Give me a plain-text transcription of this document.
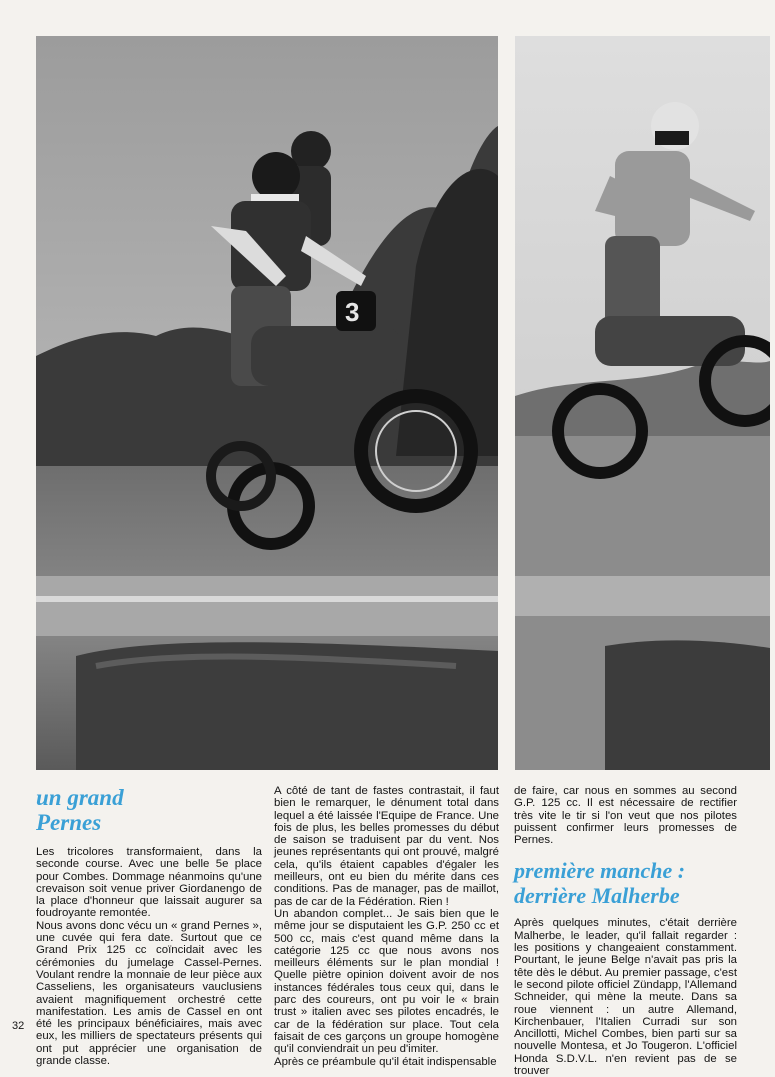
3
un grand
Pernes

Les tricolores transformaient, dans la seconde course. Avec une belle 5e place pour Combes. Dommage néanmoins qu'une crevaison soit venue priver Giordanengo de la place d'honneur que laissait augurer sa foudroyante remontée.

Nous avons donc vécu un « grand Pernes », une cuvée qui fera date. Surtout que ce Grand Prix 125 cc coïncidait avec les cérémonies du jumelage Cassel-Pernes. Voulant rendre la monnaie de leur pièce aux Casseliens, les organisateurs vauclusiens avaient magnifiquement orchestré cette manifestation. Les amis de Cassel en ont été les principaux bénéficiaires, mais avec eux, les milliers de spectateurs présents qui ont put apprécier une organisation de grande classe.

A côté de tant de fastes contrastait, il faut bien le remarquer, le dénument total dans lequel a été laissée l'Equipe de France. Une fois de plus, les belles promesses du début de saison se traduisent par du vent. Nos jeunes représentants qui ont prouvé, malgré cela, qu'ils étaient capables d'égaler les meilleurs, ont eu bien du mérite dans ces conditions. Pas de manager, pas de maillot, pas de car de la Fédération. Rien !

Un abandon complet... Je sais bien que le même jour se disputaient les G.P. 250 cc et 500 cc, mais c'est quand même dans la catégorie 125 cc que nous avons nos meilleurs éléments sur le plan mondial ! Quelle piètre opinion doivent avoir de nos instances fédérales tous ceux qui, dans le parc des coureurs, ont pu voir le « brain trust » italien avec ses pilotes encadrés, le car de la fédération sur place. Tout cela faisait de ces garçons un groupe homogène qu'il conviendrait un peu d'imiter.

Après ce préambule qu'il était indispensable

de faire, car nous en sommes au second G.P. 125 cc. Il est nécessaire de rectifier très vite le tir si l'on veut que nos pilotes puissent confirmer leurs promesses de Pernes.

première manche :
derrière Malherbe

Après quelques minutes, c'était derrière Malherbe, le leader, qu'il fallait regarder : les positions y changeaient constamment. Pourtant, le jeune Belge n'avait pas pris la tête dès le début. Au premier passage, c'est le second pilote officiel Zündapp, l'Allemand Schneider, qui mène la meute. Dans sa roue viennent : un autre Allemand, Kirchenbauer, l'Italien Curradi sur son Ancillotti, Michel Combes, bien parti sur sa nouvelle Montesa, et Jo Tougeron. L'officiel Honda S.D.V.L. n'en revient pas de se trouver

32
